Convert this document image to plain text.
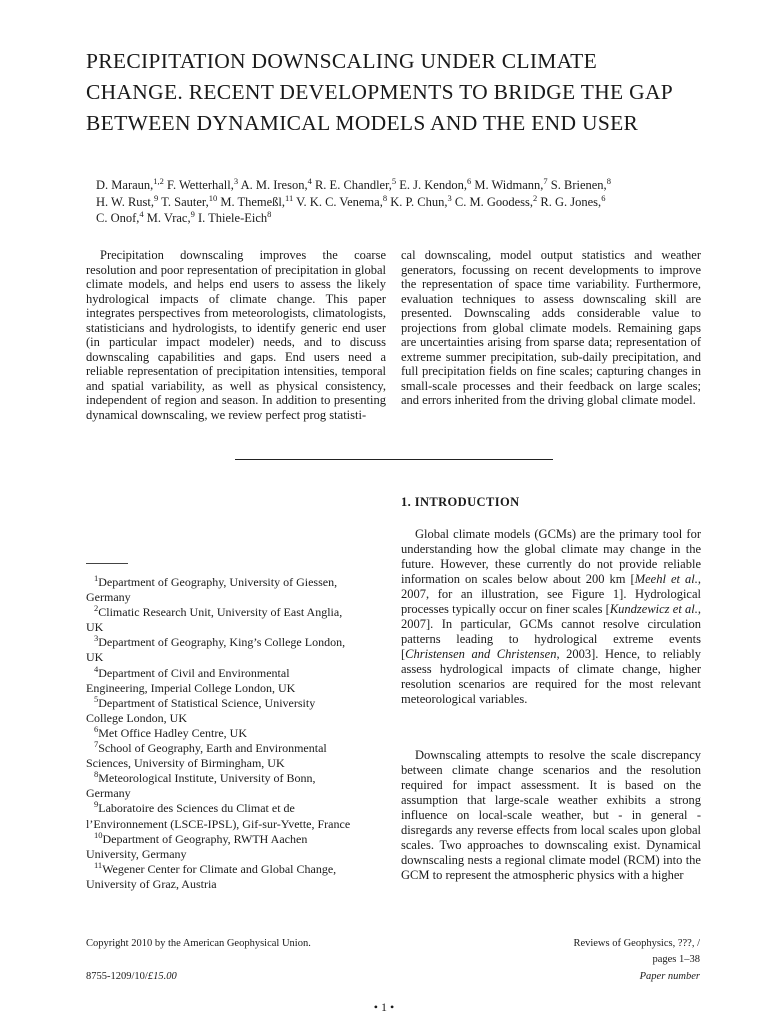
PRECIPITATION DOWNSCALING UNDER CLIMATE CHANGE. RECENT DEVELOPMENTS TO BRIDGE THE GAP BETWEEN DYNAMICAL MODELS AND THE END USER

D. Maraun,$^{1,2}$ F. Wetterhall,$^3$ A. M. Ireson,$^4$ R. E. Chandler,$^5$ E. J. Kendon,$^6$ M. Widmann,$^7$ S. Brienen,$^8$
H. W. Rust,$^9$ T. Sauter,$^{10}$ M. Themeßl,$^{11}$ V. K. C. Venema,$^8$ K. P. Chun,$^3$ C. M. Goodess,$^2$ R. G. Jones,$^6$
C. Onof,$^4$ M. Vrac,$^9$ I. Thiele-Eich$^8$

Precipitation downscaling improves the coarse resolution and poor representation of precipitation in global climate models, and helps end users to assess the likely hydrological impacts of climate change. This paper integrates perspectives from meteorologists, climatologists, statisticians and hydrologists, to identify generic end user (in particular impact modeler) needs, and to discuss downscaling capabilities and gaps. End users need a reliable representation of precipitation intensities, temporal and spatial variability, as well as physical consistency, independent of region and season. In addition to presenting dynamical downscaling, we review perfect prog statisti-

cal downscaling, model output statistics and weather generators, focussing on recent developments to improve the representation of space time variability. Furthermore, evaluation techniques to assess downscaling skill are presented. Downscaling adds considerable value to projections from global climate models. Remaining gaps are uncertainties arising from sparse data; representation of extreme summer precipitation, sub-daily precipitation, and full precipitation fields on fine scales; capturing changes in small-scale processes and their feedback on large scales; and errors inherited from the driving global climate model.

1. INTRODUCTION

Global climate models (GCMs) are the primary tool for understanding how the global climate may change in the future. However, these currently do not provide reliable information on scales below about 200 km [Meehl et al., 2007, for an illustration, see Figure 1]. Hydrological processes typically occur on finer scales [Kundzewicz et al., 2007]. In particular, GCMs cannot resolve circulation patterns leading to hydrological extreme events [Christensen and Christensen, 2003]. Hence, to reliably assess hydrological impacts of climate change, higher resolution scenarios are required for the most relevant meteorological variables.

Downscaling attempts to resolve the scale discrepancy between climate change scenarios and the resolution required for impact assessment. It is based on the assumption that large-scale weather exhibits a strong influence on local-scale weather, but - in general - disregards any reverse effects from local scales upon global scales. Two approaches to downscaling exist. Dynamical downscaling nests a regional climate model (RCM) into the GCM to represent the atmospheric physics with a higher

$^1$Department of Geography, University of Giessen, Germany

$^2$Climatic Research Unit, University of East Anglia, UK

$^3$Department of Geography, King’s College London, UK

$^4$Department of Civil and Environmental Engineering, Imperial College London, UK

$^5$Department of Statistical Science, University College London, UK

$^6$Met Office Hadley Centre, UK

$^7$School of Geography, Earth and Environmental Sciences, University of Birmingham, UK

$^8$Meteorological Institute, University of Bonn, Germany

$^9$Laboratoire des Sciences du Climat et de l’Environnement (LSCE-IPSL), Gif-sur-Yvette, France

$^{10}$Department of Geography, RWTH Aachen University, Germany

$^{11}$Wegener Center for Climate and Global Change, University of Graz, Austria

Copyright 2010 by the American Geophysical Union.

8755-1209/10/£15.00

Reviews of Geophysics, ???, /

pages 1–38

Paper number

• 1 •
